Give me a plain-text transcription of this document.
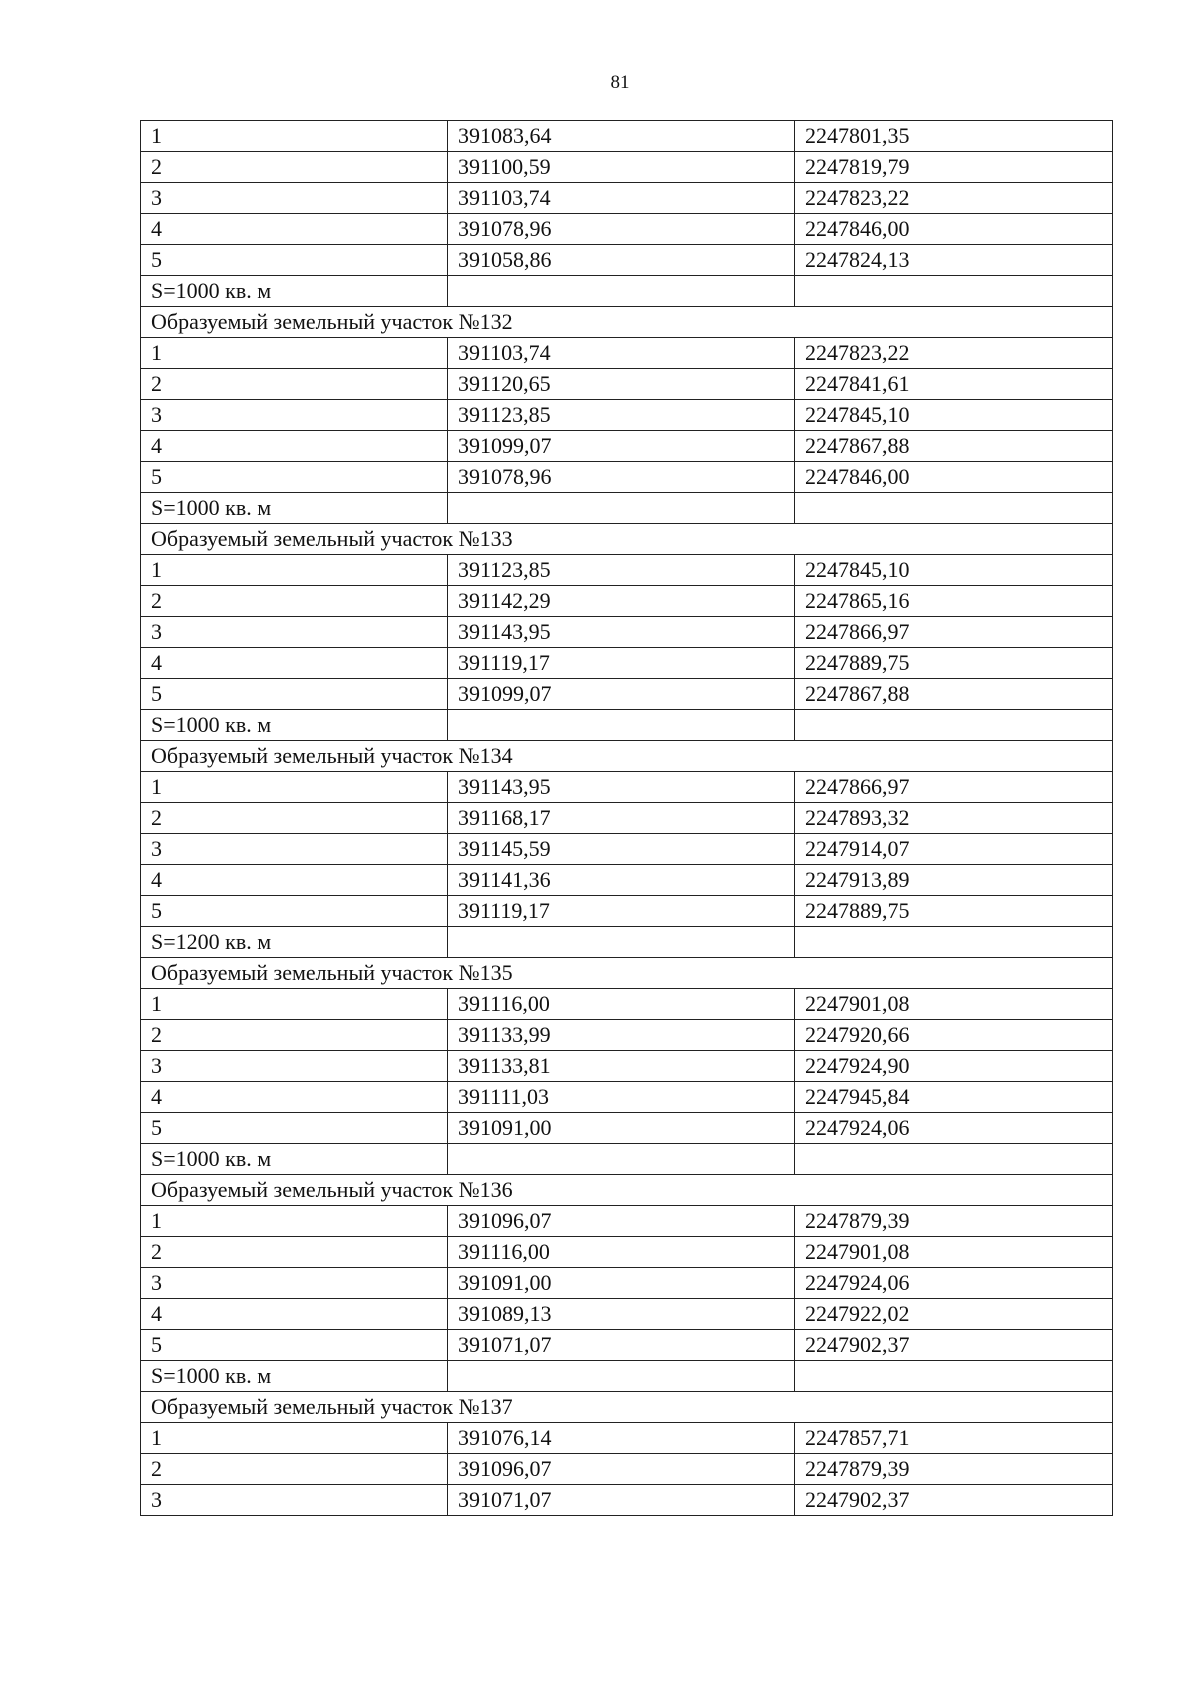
81
1	391083,64	2247801,35
2	391100,59	2247819,79
3	391103,74	2247823,22
4	391078,96	2247846,00
5	391058,86	2247824,13
S=1000 кв. м		
Образуемый земельный участок №132		
1	391103,74	2247823,22
2	391120,65	2247841,61
3	391123,85	2247845,10
4	391099,07	2247867,88
5	391078,96	2247846,00
S=1000 кв. м		
Образуемый земельный участок №133		
1	391123,85	2247845,10
2	391142,29	2247865,16
3	391143,95	2247866,97
4	391119,17	2247889,75
5	391099,07	2247867,88
S=1000 кв. м		
Образуемый земельный участок №134		
1	391143,95	2247866,97
2	391168,17	2247893,32
3	391145,59	2247914,07
4	391141,36	2247913,89
5	391119,17	2247889,75
S=1200 кв. м		
Образуемый земельный участок №135		
1	391116,00	2247901,08
2	391133,99	2247920,66
3	391133,81	2247924,90
4	391111,03	2247945,84
5	391091,00	2247924,06
S=1000 кв. м		
Образуемый земельный участок №136		
1	391096,07	2247879,39
2	391116,00	2247901,08
3	391091,00	2247924,06
4	391089,13	2247922,02
5	391071,07	2247902,37
S=1000 кв. м		
Образуемый земельный участок №137		
1	391076,14	2247857,71
2	391096,07	2247879,39
3	391071,07	2247902,37
